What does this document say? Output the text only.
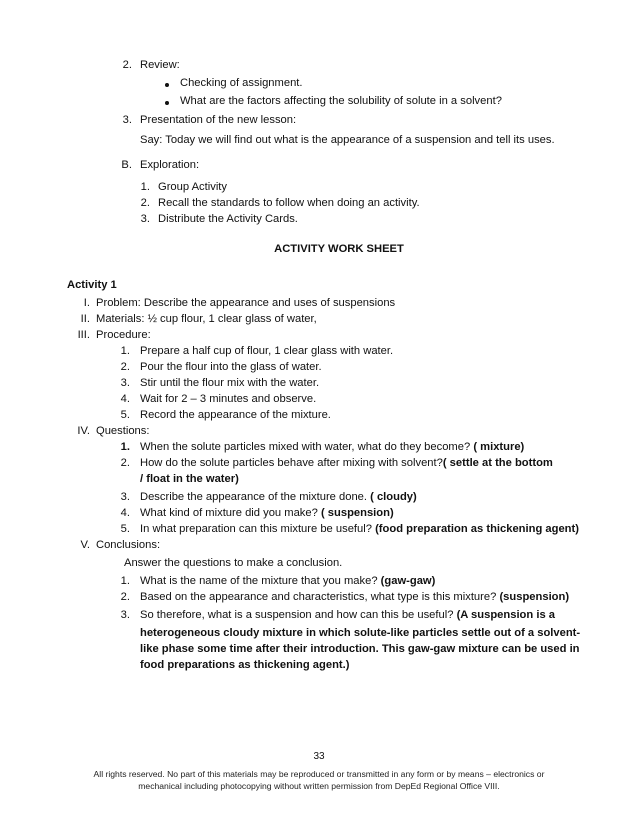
2. Review:
Checking of assignment.
What are the factors affecting the solubility of solute in a solvent?
3. Presentation of the new lesson:
Say: Today we will find out what is the appearance of a suspension and tell its uses.
B. Exploration:
1. Group Activity
2. Recall the standards to follow when doing an activity.
3. Distribute the Activity Cards.
ACTIVITY WORK SHEET
Activity 1
I. Problem: Describe the appearance and uses of suspensions
II. Materials: ½ cup flour, 1 clear glass of water,
III. Procedure:
1. Prepare a half cup of flour, 1 clear glass with water.
2. Pour the flour into the glass of water.
3. Stir until the flour mix with the water.
4. Wait for 2 – 3 minutes and observe.
5. Record the appearance of the mixture.
IV. Questions:
1. When the solute particles mixed with water, what do they become? ( mixture)
2. How do the solute particles behave after mixing with solvent?( settle at the bottom
/ float in the water)
3. Describe the appearance of the mixture done. ( cloudy)
4. What kind of mixture did you make? ( suspension)
5. In what preparation can this mixture be useful? (food preparation as thickening agent)
V. Conclusions:
Answer the questions to make a conclusion.
1. What is the name of the mixture that you make? (gaw-gaw)
2. Based on the appearance and characteristics, what type is this mixture? (suspension)
3. So therefore, what is a suspension and how can this be useful? (A suspension is a
heterogeneous cloudy mixture in which solute-like particles settle out of a solvent-
like phase some time after their introduction. This gaw-gaw mixture can be used in
food preparations as thickening agent.)
33
All rights reserved. No part of this materials may be reproduced or transmitted in any form or by means – electronics or
mechanical including photocopying without written permission from DepEd Regional Office VIII.
